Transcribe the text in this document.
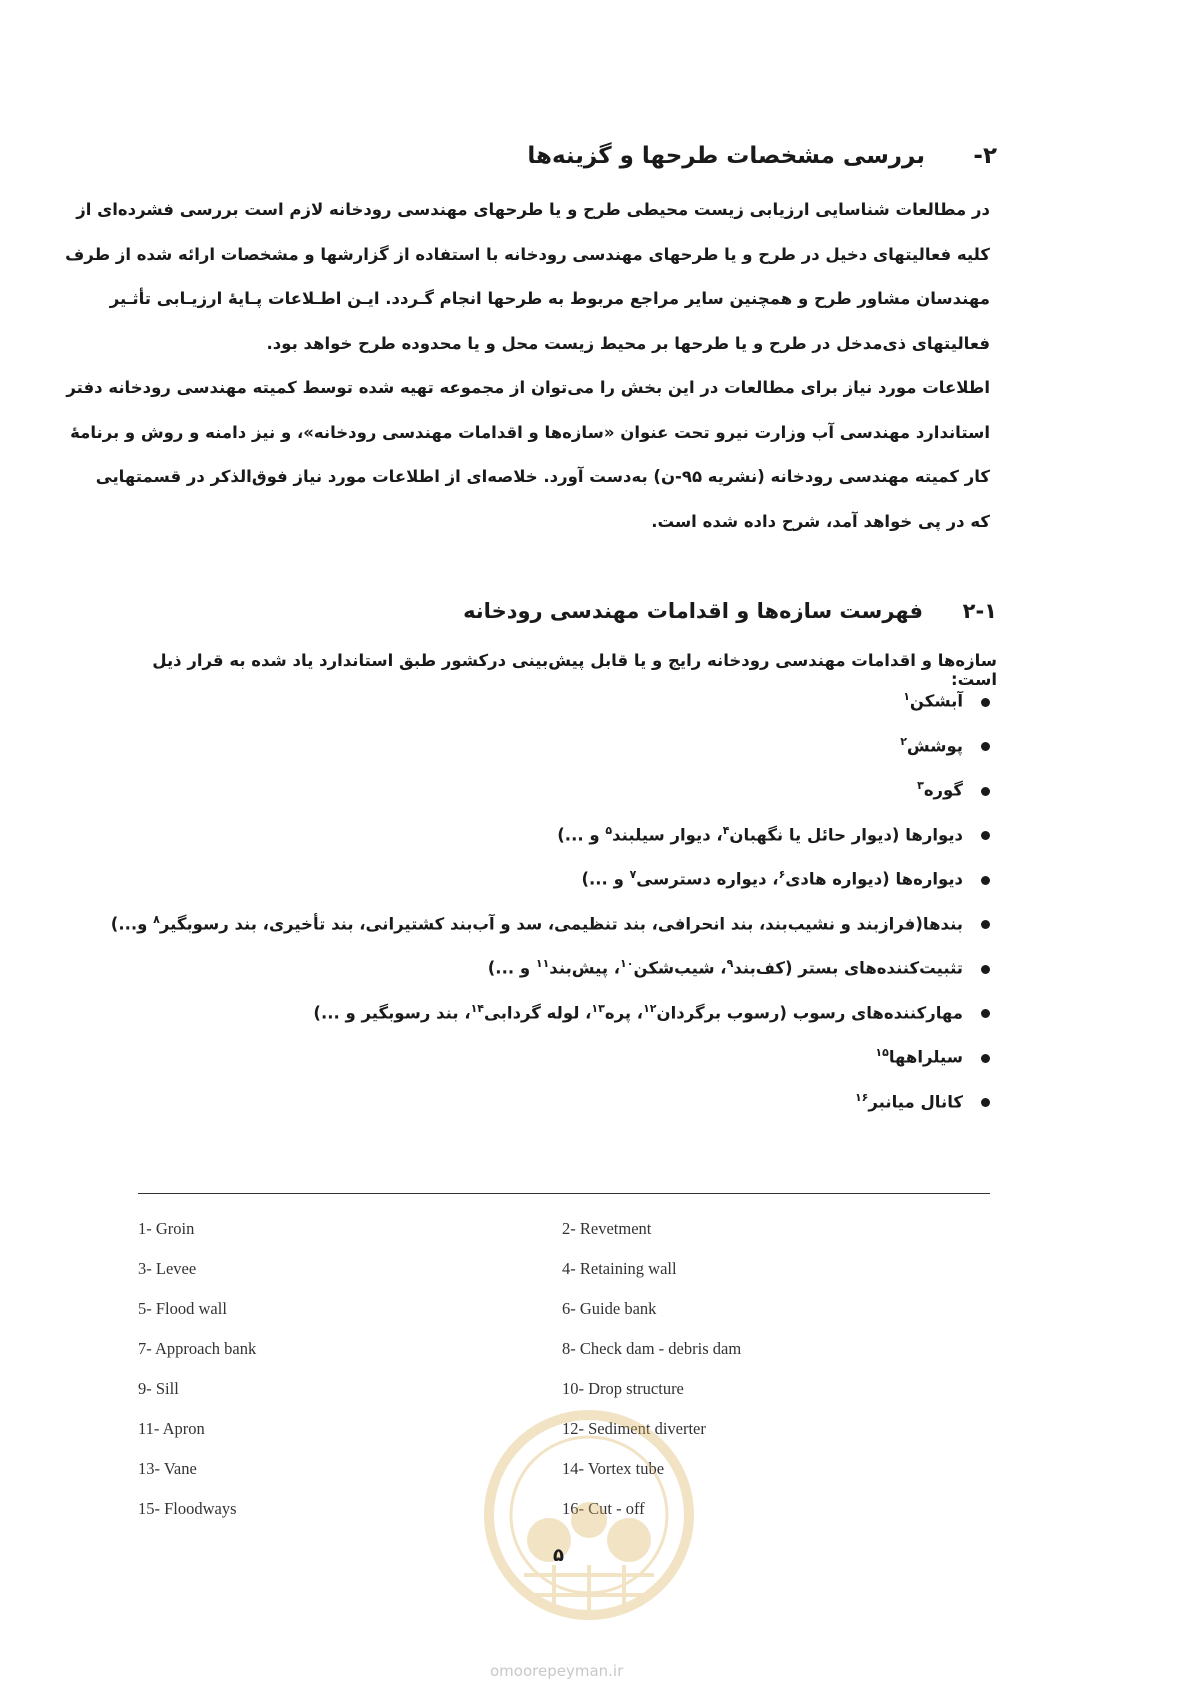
۲-بررسی مشخصات طرحها و گزینه‌ها
در مطالعات شناسایی ارزیابی زیست محیطی طرح و یا طرحهای مهندسی رودخانه لازم است بررسی فشرده‌ای از
کلیه فعالیتهای دخیل در طرح و یا طرحهای مهندسی رودخانه با استفاده از گزارشها و مشخصات ارائه شده از طرف
مهندسان مشاور طرح و همچنین سایر مراجع مربوط به طرحها انجام گـردد. ایـن اطـلاعات پـایهٔ ارزیـابی تأثـیر
فعالیتهای ذی‌مدخل در طرح و یا طرحها بر محیط زیست محل و یا محدوده طرح خواهد بود.
اطلاعات مورد نیاز برای مطالعات در این بخش را می‌توان از مجموعه تهیه شده توسط کمیته مهندسی رودخانه دفتر
استاندارد مهندسی آب وزارت نیرو تحت عنوان «سازه‌ها و اقدامات مهندسی رودخانه»، و نیز دامنه و روش و برنامهٔ
کار کمیته مهندسی رودخانه (نشریه ۹۵-ن) به‌دست آورد. خلاصه‌ای از اطلاعات مورد نیاز فوق‌الذکر در قسمتهایی
که در پی خواهد آمد، شرح داده شده است.
۲-۱فهرست سازه‌ها و اقدامات مهندسی رودخانه
سازه‌ها و اقدامات مهندسی رودخانه رایج و یا قابل پیش‌بینی درکشور طبق استاندارد یاد شده به قرار ذیل است:
آبشکن$^۱$
پوشش$^۲$
گوره$^۳$
دیوارها (دیوار حائل یا نگهبان$^۴$، دیوار سیلبند$^۵$ و ...)
دیواره‌ها (دیواره هادی$^۶$، دیواره دسترسی$^۷$ و ...)
بندها(فرازبند و نشیب‌بند، بند انحرافی، بند تنظیمی، سد و آب‌بند کشتیرانی، بند تأخیری، بند رسوبگیر$^۸$ و...)
تثبیت‌کننده‌های بستر (کف‌بند$^۹$، شیب‌شکن$^{۱۰}$، پیش‌بند$^{۱۱}$ و ...)
مهارکننده‌های رسوب (رسوب برگردان$^{۱۲}$، پره$^{۱۳}$، لوله گردابی$^{۱۴}$، بند رسوبگیر و ...)
سیلراهها$^{۱۵}$
کانال میانبر$^{۱۶}$
1- Groin	2- Revetment
3- Levee	4- Retaining wall
5- Flood wall	6- Guide bank
7- Approach bank	8- Check dam - debris dam
9- Sill	10- Drop structure
11- Apron	12- Sediment diverter
13- Vane	14- Vortex tube
15- Floodways	16- Cut - off
۵
omoorepeyman.ir
